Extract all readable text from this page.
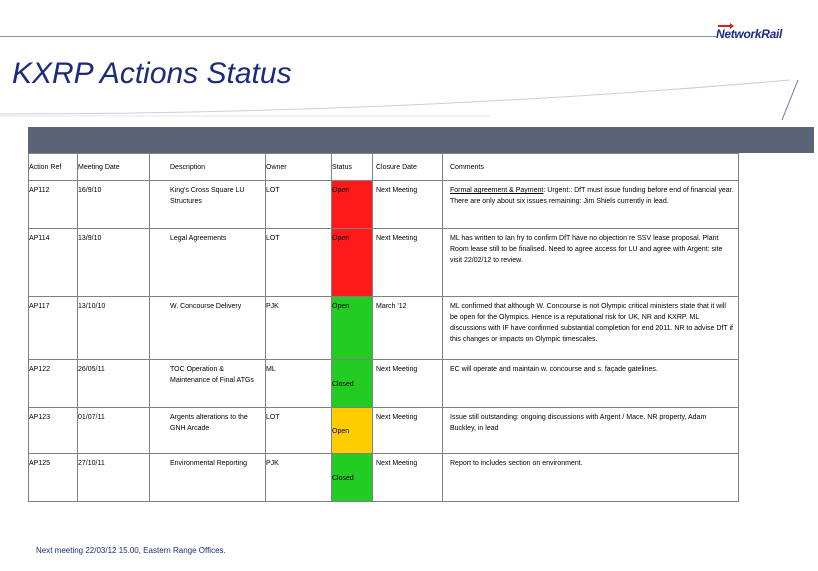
NetworkRail
KXRP Actions Status
Action Ref	Meeting Date	Description	Owner	Status	Closure Date	Comments
AP112	16/9/10	King's Cross Square LU Structures	LOT	Open	Next Meeting	Formal agreement & Payment: Urgent:: DfT must issue funding before end of financial year. There are only about six issues remaining: Jim Shiels currently in lead.
AP114	13/9/10	Legal Agreements	LOT	Open	Next Meeting	ML has written to Ian fry to confirm DfT have no objection re SSV lease proposal. Plant Room lease still to be finalised. Need to agree access for LU and agree with Argent: site visit 22/02/12 to review.
AP117	13/10/10	W. Concourse Delivery	PJK	Open	March '12	ML confirmed that although W. Concourse is not Olympic critical ministers state that it will be open for the Olympics. Hence is a reputational risk for UK, NR and KXRP. ML discussions with IF have confirmed substantial completion for end 2011. NR to advise DfT if this changes or impacts on Olympic timescales.
AP122	26/05/11	TOC Operation & Maintenance of Final ATGs	ML	Closed	Next Meeting	EC will operate and maintain w. concourse and s. façade gatelines.
AP123	01/07/11	Argents alterations to the GNH Arcade	LOT	Open	Next Meeting	Issue still outstanding: ongoing discussions with Argent / Mace. NR property, Adam Buckley, in lead
AP125	27/10/11	Environmental Reporting	PJK	Closed	Next Meeting	Report to includes section on environment.
Next meeting 22/03/12 15.00, Eastern Range Offices.
